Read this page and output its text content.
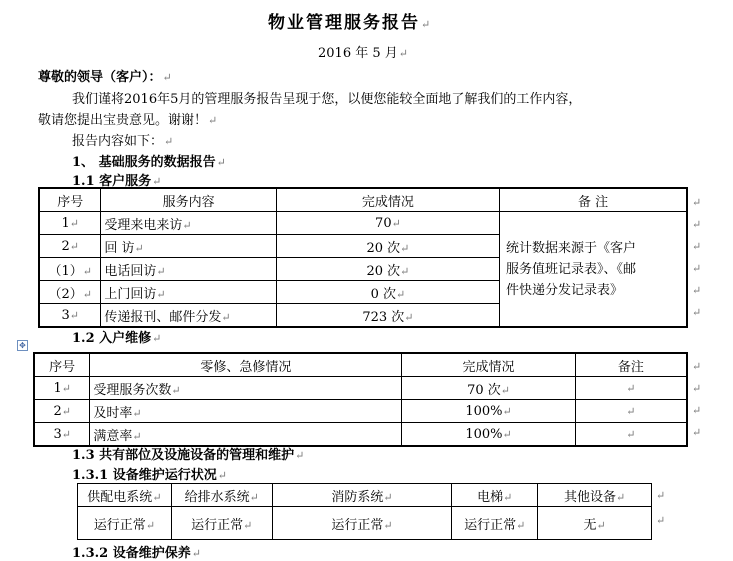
物业管理服务报告↵
2016 年 5 月↵
尊敬的领导（客户）：↵
我们谨将2016年5月的管理服务报告呈现于您，以便您能较全面地了解我们的工作内容，
敬请您提出宝贵意见。谢谢！↵
报告内容如下：↵
1、 基础服务的数据报告↵
1.1 客户服务↵
序号	服务内容	完成情况	备 注
1↵	受理来电来访↵	70↵	统计数据来源于《客户
服务值班记录表》、《邮
件快递分发记录表》

2↵	回 访↵	20 次↵	
（1）↵	电话回访↵	20 次↵	
（2）↵	上门回访↵	0 次↵	
3↵	传递报刊、邮件分发↵	723 次↵	
↵
↵
↵
↵
↵
↵
1.2 入户维修↵
✥
序号	零修、急修情况	完成情况	备注
1↵	受理服务次数↵	70 次↵	↵
2↵	及时率↵	100%↵	↵
3↵	满意率↵	100%↵	↵
↵
↵
↵
↵
1.3 共有部位及设施设备的管理和维护↵
1.3.1 设备维护运行状况↵
供配电系统↵	给排水系统↵	消防系统↵	电梯↵	其他设备↵
运行正常↵	运行正常↵	运行正常↵	运行正常↵	无↵
↵
↵
1.3.2 设备维护保养↵
